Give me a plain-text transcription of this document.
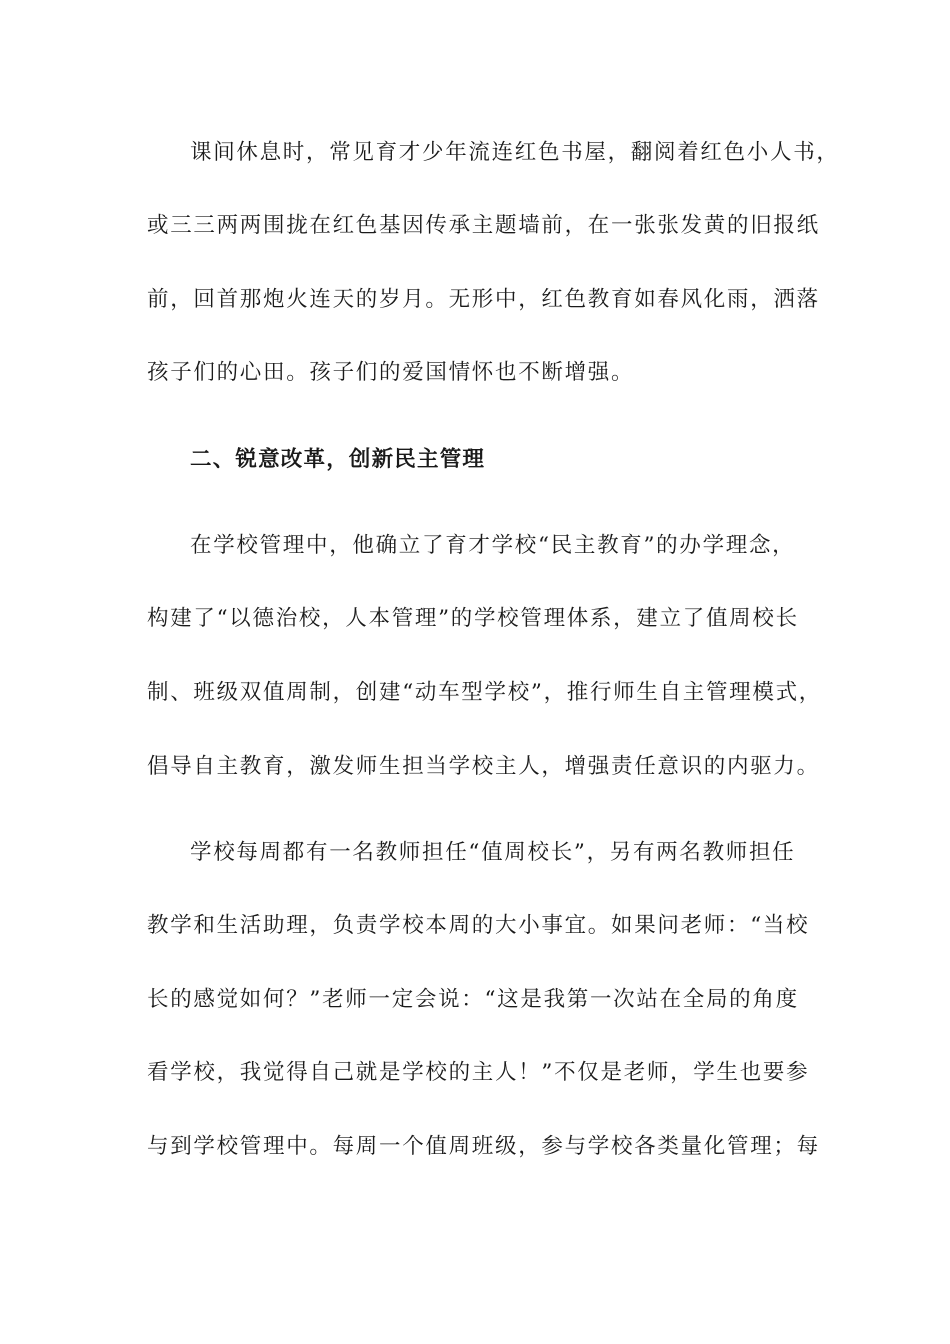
课间休息时，常见育才少年流连红色书屋，翻阅着红色小人书，
或三三两两围拢在红色基因传承主题墙前，在一张张发黄的旧报纸
前，回首那炮火连天的岁月。无形中，红色教育如春风化雨，洒落
孩子们的心田。孩子们的爱国情怀也不断增强。
二、锐意改革，创新民主管理
在学校管理中，他确立了育才学校“民主教育”的办学理念，
构建了“以德治校，人本管理”的学校管理体系，建立了值周校长
制、班级双值周制，创建“动车型学校”，推行师生自主管理模式，
倡导自主教育，激发师生担当学校主人，增强责任意识的内驱力。
学校每周都有一名教师担任“值周校长”，另有两名教师担任
教学和生活助理，负责学校本周的大小事宜。如果问老师：“当校
长的感觉如何？”老师一定会说：“这是我第一次站在全局的角度
看学校，我觉得自己就是学校的主人！”不仅是老师，学生也要参
与到学校管理中。每周一个值周班级，参与学校各类量化管理；每
